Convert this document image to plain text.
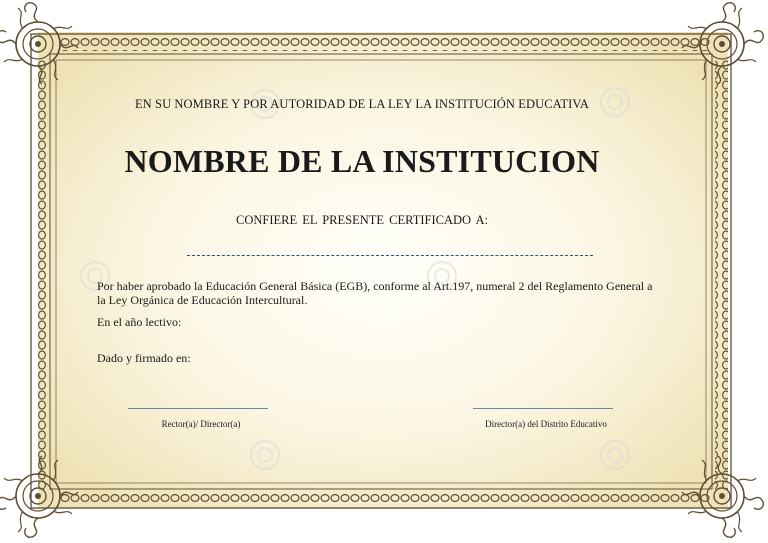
EN SU NOMBRE Y POR AUTORIDAD DE LA LEY LA INSTITUCIÓN EDUCATIVA
NOMBRE DE LA INSTITUCION
CONFIERE EL PRESENTE CERTIFICADO A:
Por haber aprobado la Educación General Básica (EGB), conforme al Art.197, numeral 2 del Reglamento General a
la Ley Orgánica de Educación Intercultural.
En el año lectivo:
Dado y firmado en:
Rector(a)/ Director(a)	Director(a) del Distrito Educativo
